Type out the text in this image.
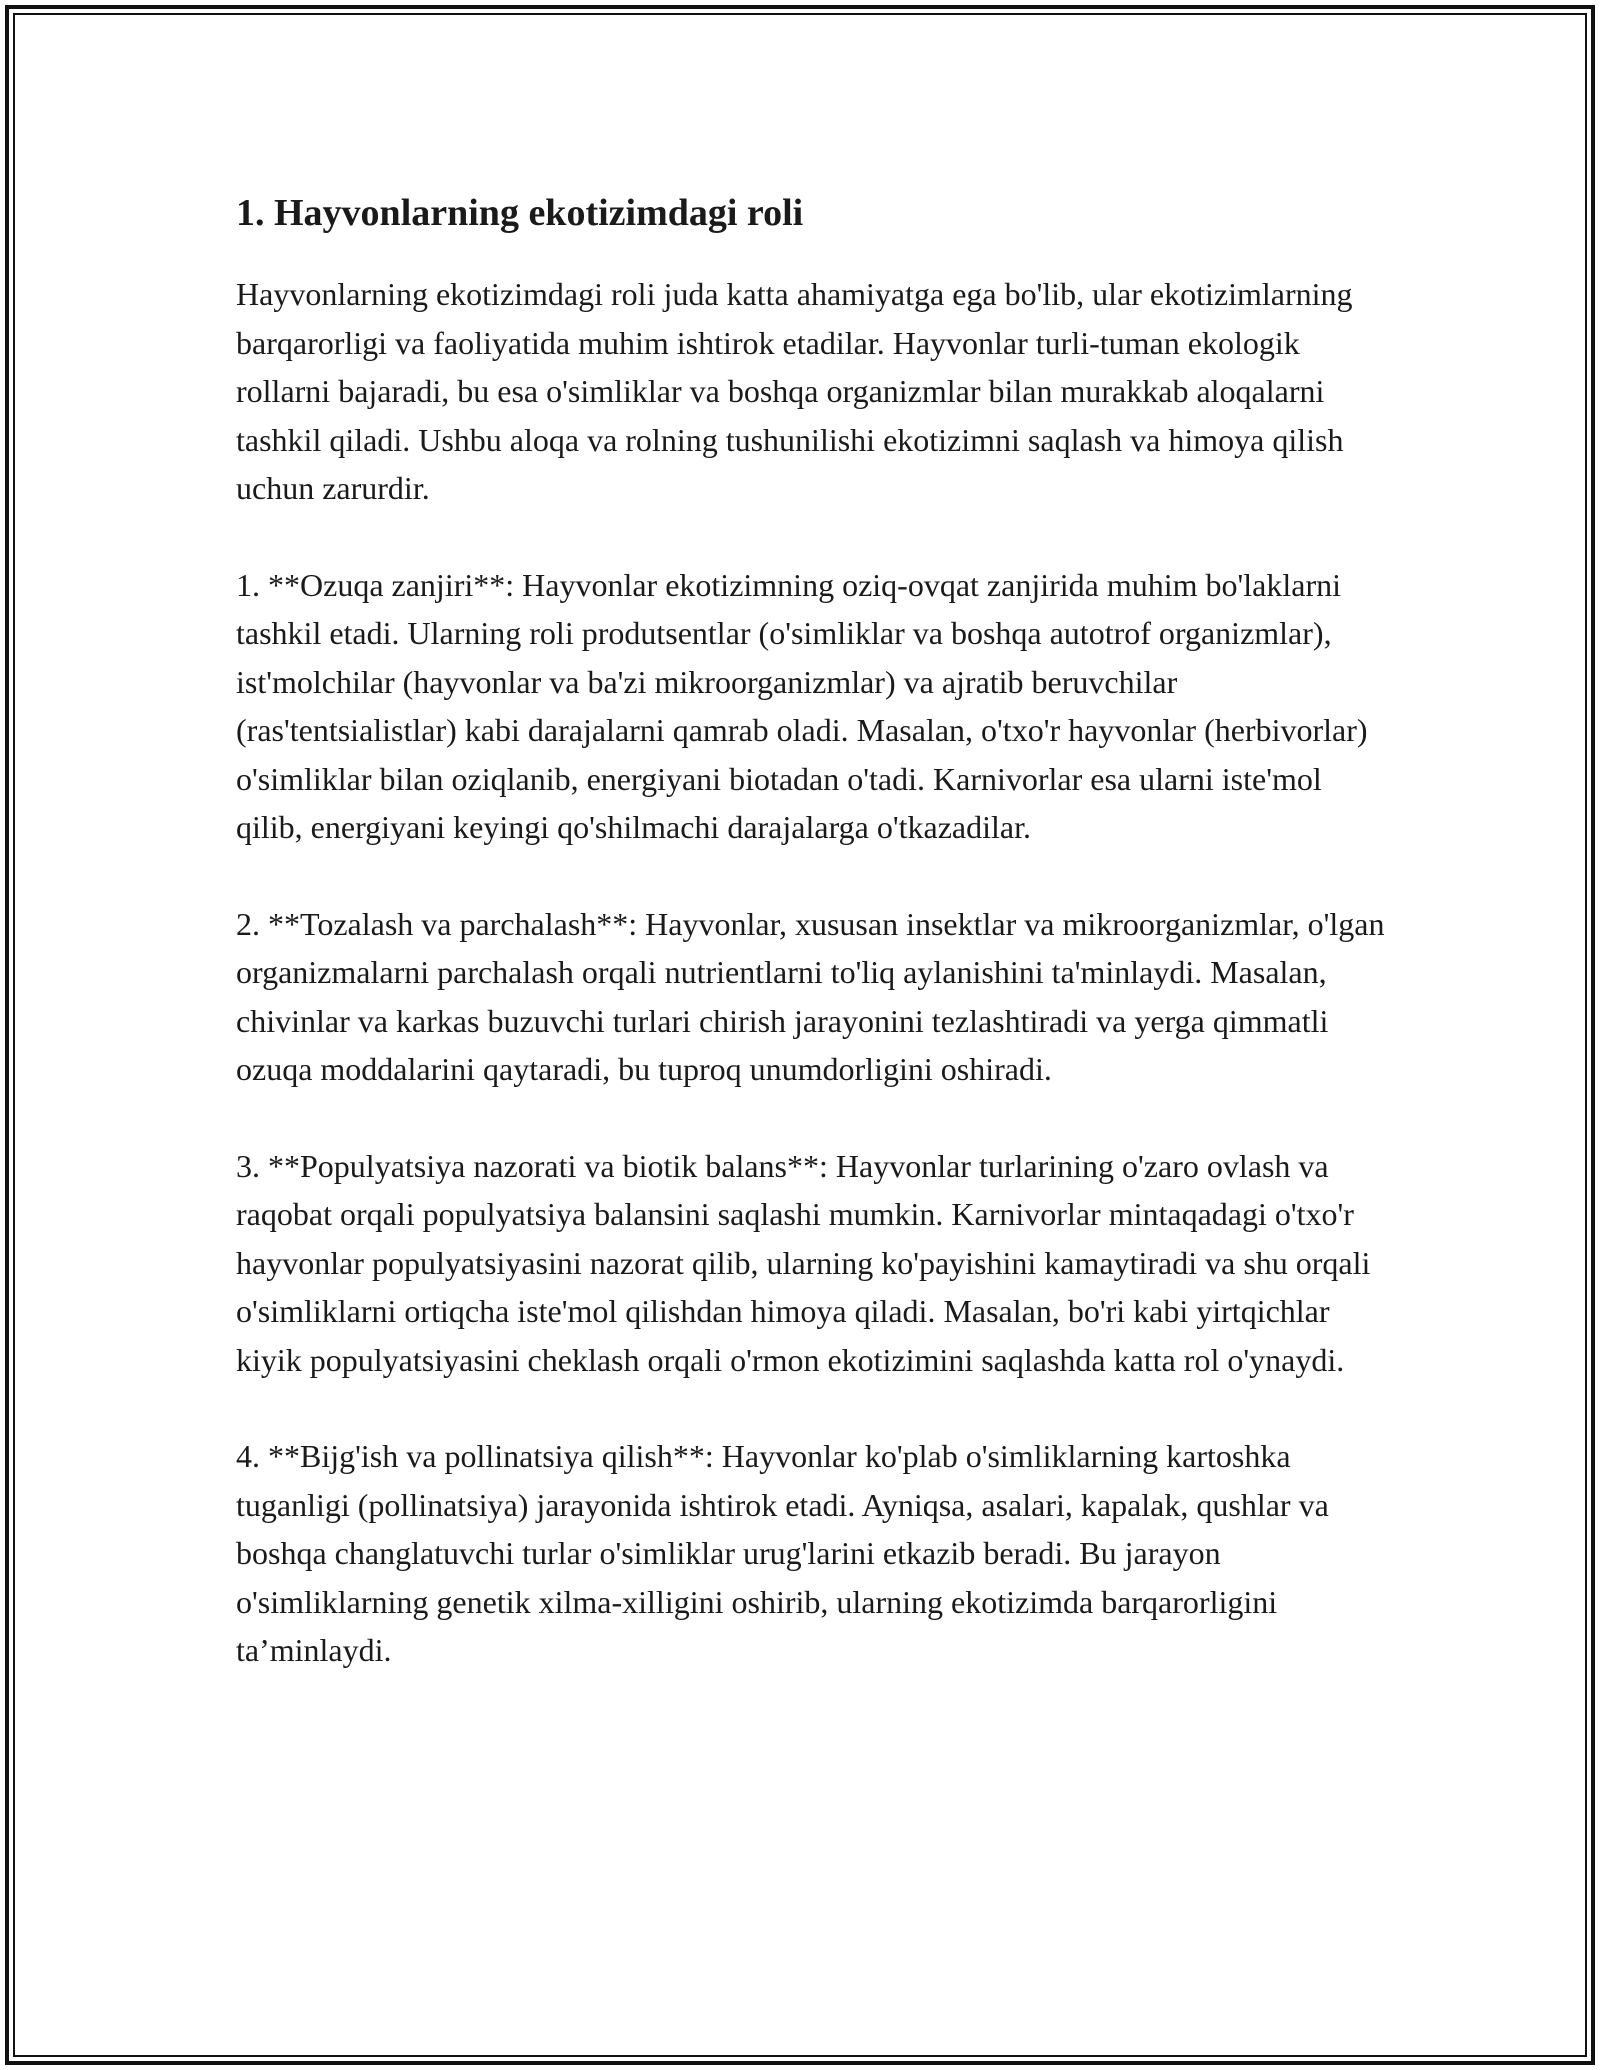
1. Hayvonlarning ekotizimdagi roli

Hayvonlarning ekotizimdagi roli juda katta ahamiyatga ega bo'lib, ular ekotizimlarning barqarorligi va faoliyatida muhim ishtirok etadilar. Hayvonlar turli-tuman ekologik rollarni bajaradi, bu esa o'simliklar va boshqa organizmlar bilan murakkab aloqalarni tashkil qiladi. Ushbu aloqa va rolning tushunilishi ekotizimni saqlash va himoya qilish uchun zarurdir.

1. **Ozuqa zanjiri**: Hayvonlar ekotizimning oziq-ovqat zanjirida muhim bo'laklarni tashkil etadi. Ularning roli produtsentlar (o'simliklar va boshqa autotrof organizmlar), ist'molchilar (hayvonlar va ba'zi mikroorganizmlar) va ajratib beruvchilar (ras'tentsialistlar) kabi darajalarni qamrab oladi. Masalan, o'txo'r hayvonlar (herbivorlar) o'simliklar bilan oziqlanib, energiyani biotadan o'tadi. Karnivorlar esa ularni iste'mol qilib, energiyani keyingi qo'shilmachi darajalarga o'tkazadilar.

2. **Tozalash va parchalash**: Hayvonlar, xususan insektlar va mikroorganizmlar, o'lgan organizmalarni parchalash orqali nutrientlarni to'liq aylanishini ta'minlaydi. Masalan, chivinlar va karkas buzuvchi turlari chirish jarayonini tezlashtiradi va yerga qimmatli ozuqa moddalarini qaytaradi, bu tuproq unumdorligini oshiradi.

3. **Populyatsiya nazorati va biotik balans**: Hayvonlar turlarining o'zaro ovlash va raqobat orqali populyatsiya balansini saqlashi mumkin. Karnivorlar mintaqadagi o'txo'r hayvonlar populyatsiyasini nazorat qilib, ularning ko'payishini kamaytiradi va shu orqali o'simliklarni ortiqcha iste'mol qilishdan himoya qiladi. Masalan, bo'ri kabi yirtqichlar kiyik populyatsiyasini cheklash orqali o'rmon ekotizimini saqlashda katta rol o'ynaydi.

4. **Bijg'ish va pollinatsiya qilish**: Hayvonlar ko'plab o'simliklarning kartoshka tuganligi (pollinatsiya) jarayonida ishtirok etadi. Ayniqsa, asalari, kapalak, qushlar va boshqa changlatuvchi turlar o'simliklar urug'larini etkazib beradi. Bu jarayon o'simliklarning genetik xilma-xilligini oshirib, ularning ekotizimda barqarorligini ta’minlaydi.
